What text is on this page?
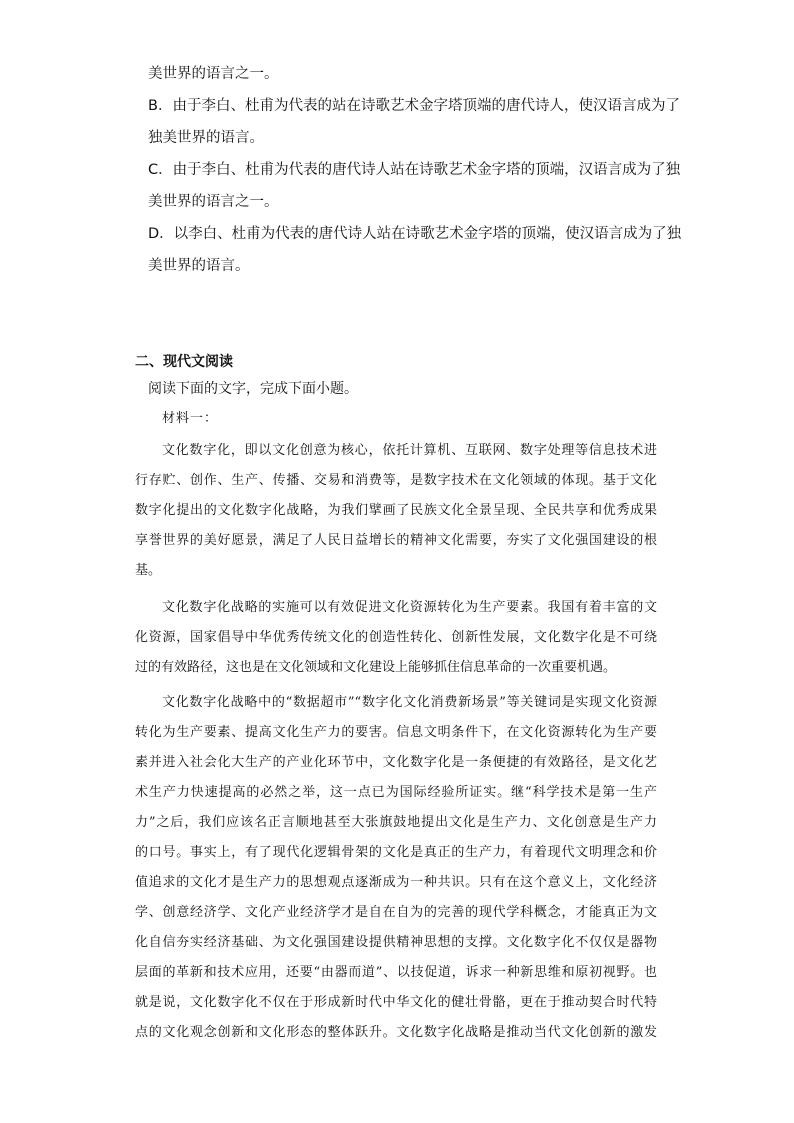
美世界的语言之一。
B．由于李白、杜甫为代表的站在诗歌艺术金字塔顶端的唐代诗人，使汉语言成为了
独美世界的语言。
C．由于李白、杜甫为代表的唐代诗人站在诗歌艺术金字塔的顶端，汉语言成为了独
美世界的语言之一。
D．以李白、杜甫为代表的唐代诗人站在诗歌艺术金字塔的顶端，使汉语言成为了独
美世界的语言。
二、现代文阅读
阅读下面的文字，完成下面小题。
材料一：
文化数字化，即以文化创意为核心，依托计算机、互联网、数字处理等信息技术进
行存贮、创作、生产、传播、交易和消费等，是数字技术在文化领域的体现。基于文化
数字化提出的文化数字化战略，为我们擘画了民族文化全景呈现、全民共享和优秀成果
享誉世界的美好愿景，满足了人民日益增长的精神文化需要，夯实了文化强国建设的根
基。
文化数字化战略的实施可以有效促进文化资源转化为生产要素。我国有着丰富的文
化资源，国家倡导中华优秀传统文化的创造性转化、创新性发展，文化数字化是不可绕
过的有效路径，这也是在文化领域和文化建设上能够抓住信息革命的一次重要机遇。
文化数字化战略中的“数据超市”“数字化文化消费新场景”等关键词是实现文化资源
转化为生产要素、提高文化生产力的要害。信息文明条件下，在文化资源转化为生产要
素并进入社会化大生产的产业化环节中，文化数字化是一条便捷的有效路径，是文化艺
术生产力快速提高的必然之举，这一点已为国际经验所证实。继“科学技术是第一生产
力”之后，我们应该名正言顺地甚至大张旗鼓地提出文化是生产力、文化创意是生产力
的口号。事实上，有了现代化逻辑骨架的文化是真正的生产力，有着现代文明理念和价
值追求的文化才是生产力的思想观点逐渐成为一种共识。只有在这个意义上，文化经济
学、创意经济学、文化产业经济学才是自在自为的完善的现代学科概念，才能真正为文
化自信夯实经济基础、为文化强国建设提供精神思想的支撑。文化数字化不仅仅是器物
层面的革新和技术应用，还要“由器而道”、以技促道，诉求一种新思维和原初视野。也
就是说，文化数字化不仅在于形成新时代中华文化的健壮骨骼，更在于推动契合时代特
点的文化观念创新和文化形态的整体跃升。文化数字化战略是推动当代文化创新的激发
